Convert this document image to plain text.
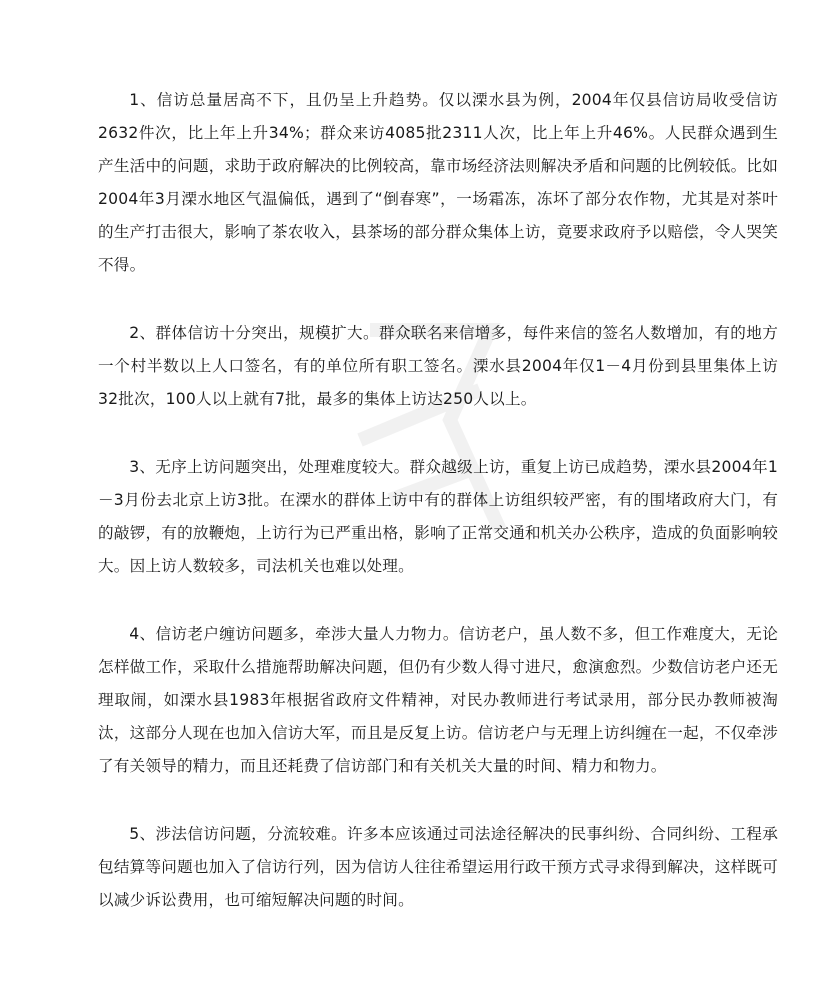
1、信访总量居高不下，且仍呈上升趋势。仅以溧水县为例，2004年仅县信访局收受信访2632件次，比上年上升34%；群众来访4085批2311人次，比上年上升46%。人民群众遇到生产生活中的问题，求助于政府解决的比例较高，靠市场经济法则解决矛盾和问题的比例较低。比如2004年3月溧水地区气温偏低，遇到了“倒春寒”，一场霜冻，冻坏了部分农作物，尤其是对茶叶的生产打击很大，影响了茶农收入，县茶场的部分群众集体上访，竟要求政府予以赔偿，令人哭笑不得。

2、群体信访十分突出，规模扩大。群众联名来信增多，每件来信的签名人数增加，有的地方一个村半数以上人口签名，有的单位所有职工签名。溧水县2004年仅1－4月份到县里集体上访32批次，100人以上就有7批，最多的集体上访达250人以上。

3、无序上访问题突出，处理难度较大。群众越级上访，重复上访已成趋势，溧水县2004年1－3月份去北京上访3批。在溧水的群体上访中有的群体上访组织较严密，有的围堵政府大门，有的敲锣，有的放鞭炮，上访行为已严重出格，影响了正常交通和机关办公秩序，造成的负面影响较大。因上访人数较多，司法机关也难以处理。

4、信访老户缠访问题多，牵涉大量人力物力。信访老户，虽人数不多，但工作难度大，无论怎样做工作，采取什么措施帮助解决问题，但仍有少数人得寸进尺，愈演愈烈。少数信访老户还无理取闹，如溧水县1983年根据省政府文件精神，对民办教师进行考试录用，部分民办教师被淘汰，这部分人现在也加入信访大军，而且是反复上访。信访老户与无理上访纠缠在一起，不仅牵涉了有关领导的精力，而且还耗费了信访部门和有关机关大量的时间、精力和物力。

5、涉法信访问题，分流较难。许多本应该通过司法途径解决的民事纠纷、合同纠纷、工程承包结算等问题也加入了信访行列，因为信访人往往希望运用行政干预方式寻求得到解决，这样既可以减少诉讼费用，也可缩短解决问题的时间。
